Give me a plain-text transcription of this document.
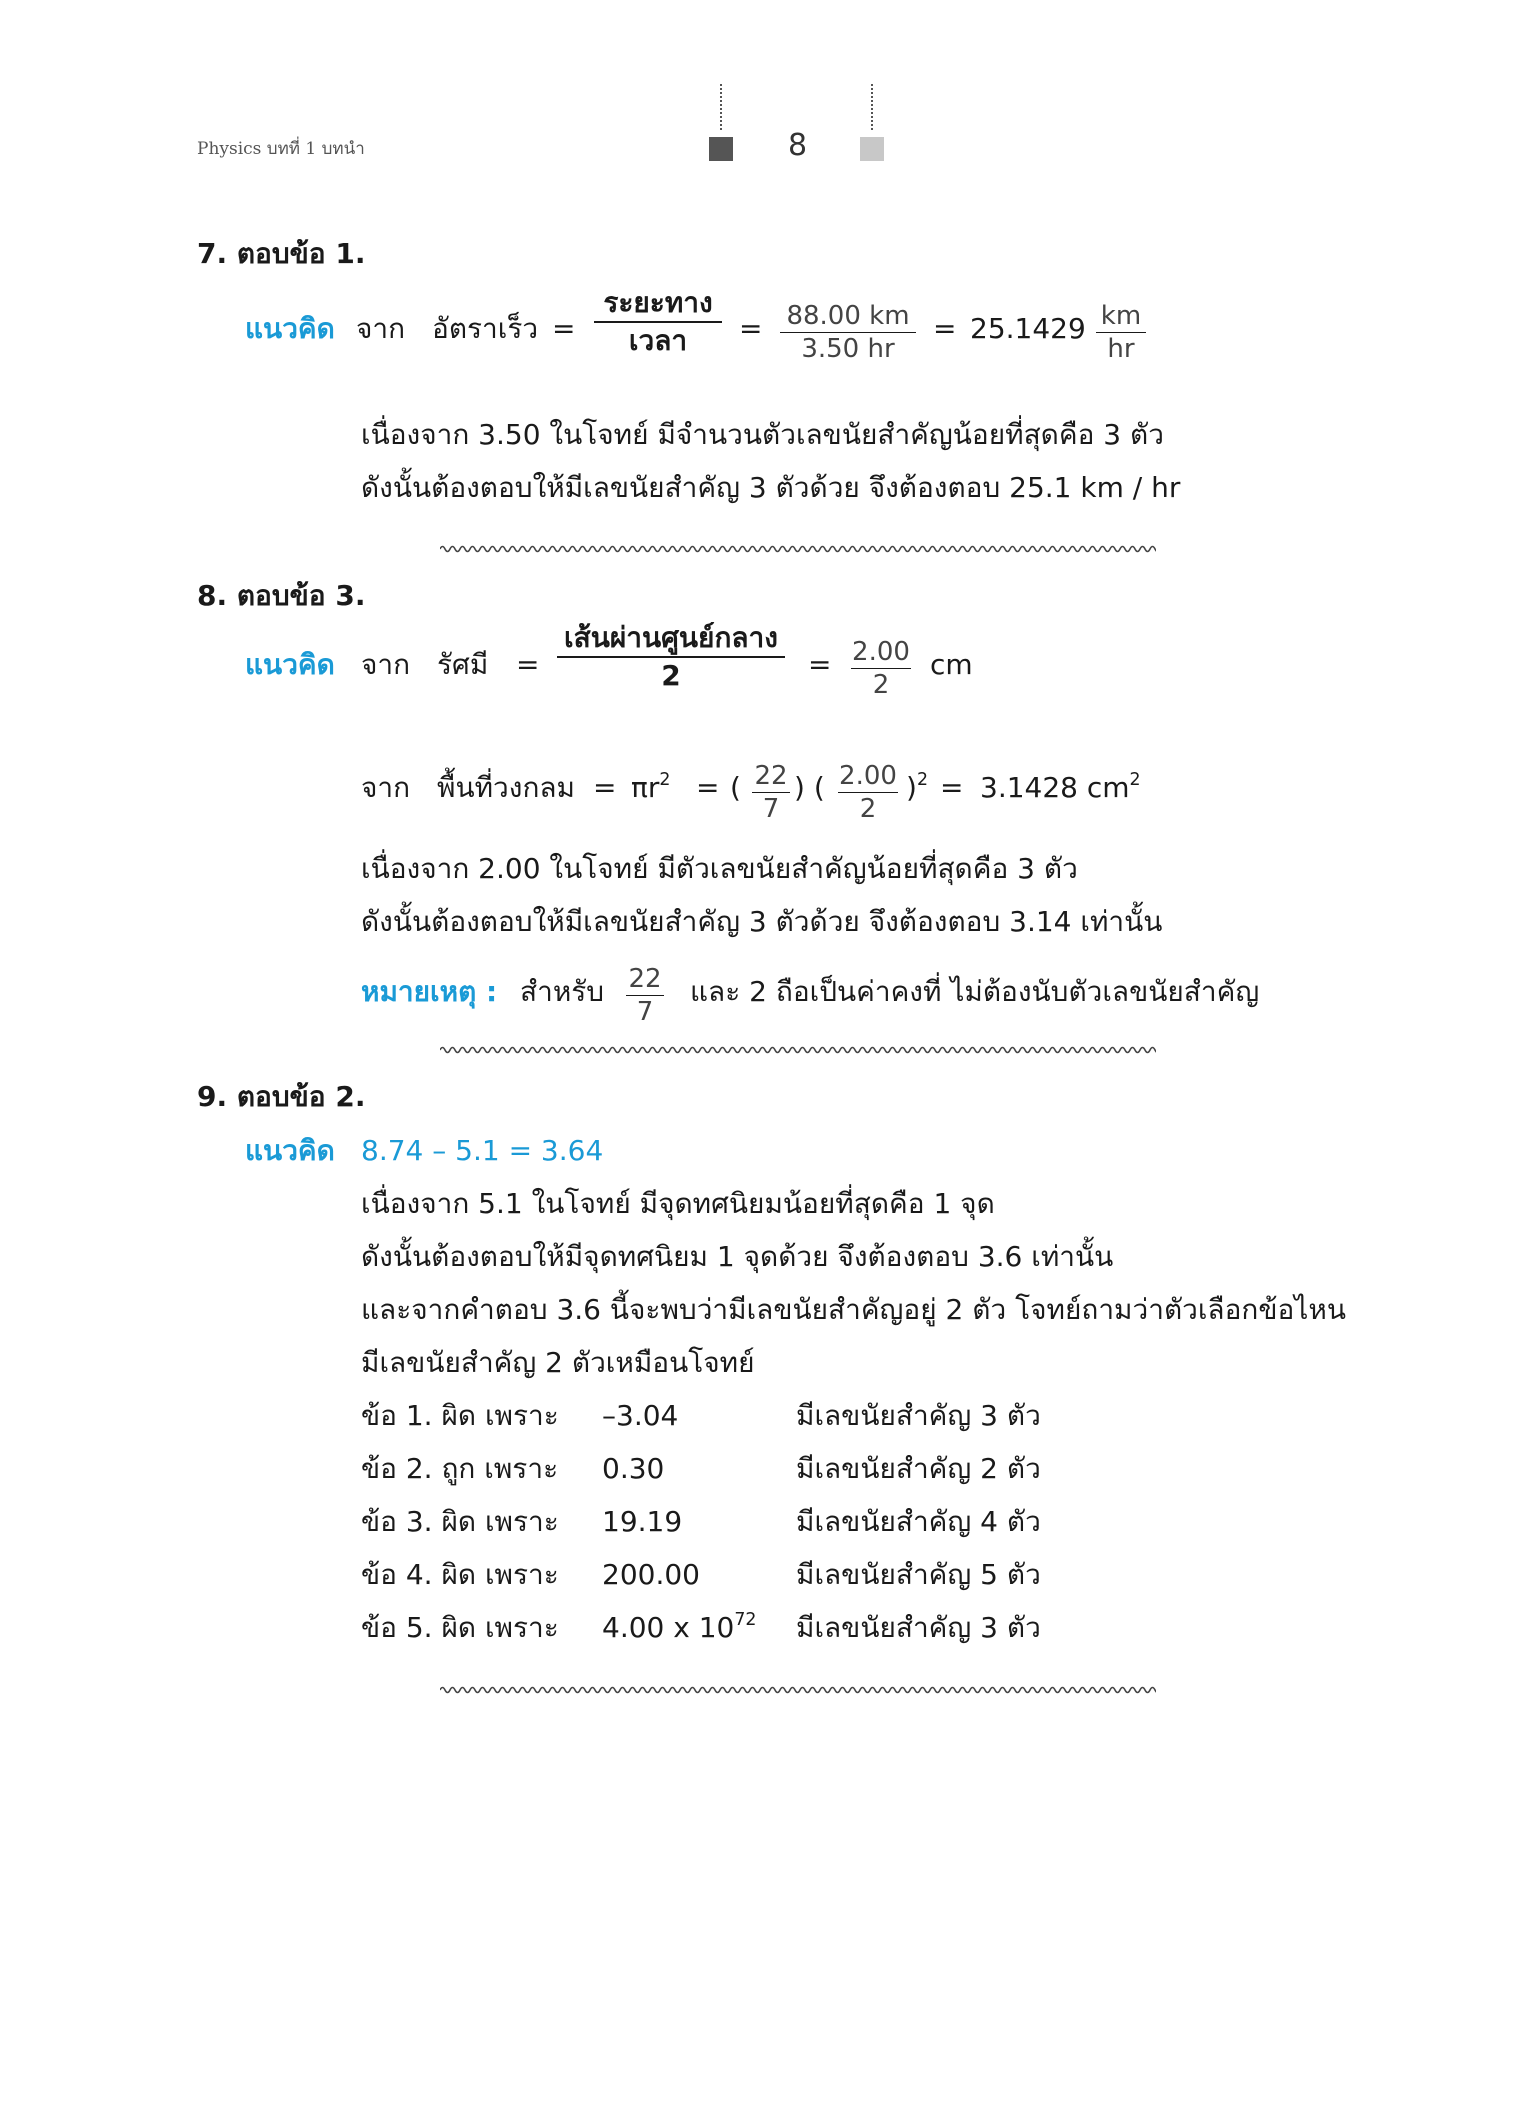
Physics บทที่ 1 บทนำ	8
7. ตอบข้อ 1.
แนวคิด จาก อัตราเร็ว =
ระยะทาง
เวลา = 88.00 km
3.50 hr
= 25.1429 km
hr
เนื่องจาก 3.50 ในโจทย์ มีจำนวนตัวเลขนัยสำคัญน้อยที่สุดคือ 3 ตัว
ดังนั้นต้องตอบให้มีเลขนัยสำคัญ 3 ตัวด้วย จึงต้องตอบ 25.1 km / hr
8. ตอบข้อ 3.
แนวคิด จาก รัศมี =
เส้นผ่านศูนย์กลาง
2	= 2.00
2
cm
จาก พื้นที่วงกลม = $\pi r^2$ = ( 22
7
) ( 2.00
2
)$^2$ = 3.1428 $cm^2$
เนื่องจาก 2.00 ในโจทย์ มีตัวเลขนัยสำคัญน้อยที่สุดคือ 3 ตัว
ดังนั้นต้องตอบให้มีเลขนัยสำคัญ 3 ตัวด้วย จึงต้องตอบ 3.14 เท่านั้น
หมายเหตุ : สำหรับ 22
7
และ 2 ถือเป็นค่าคงที่ ไม่ต้องนับตัวเลขนัยสำคัญ
9. ตอบข้อ 2.
แนวคิด 8.74 – 5.1 = 3.64
เนื่องจาก 5.1 ในโจทย์ มีจุดทศนิยมน้อยที่สุดคือ 1 จุด
ดังนั้นต้องตอบให้มีจุดทศนิยม 1 จุดด้วย จึงต้องตอบ 3.6 เท่านั้น
และจากคำตอบ 3.6 นี้จะพบว่ามีเลขนัยสำคัญอยู่ 2 ตัว โจทย์ถามว่าตัวเลือกข้อไหน
มีเลขนัยสำคัญ 2 ตัวเหมือนโจทย์
ข้อ 1. ผิด เพราะ –3.04	มีเลขนัยสำคัญ 3 ตัว
ข้อ 2. ถูก เพราะ 0.30	มีเลขนัยสำคัญ 2 ตัว
ข้อ 3. ผิด เพราะ 19.19	มีเลขนัยสำคัญ 4 ตัว
ข้อ 4. ผิด เพราะ 200.00	มีเลขนัยสำคัญ 5 ตัว
ข้อ 5. ผิด เพราะ 4.00 x $10^{72}$ มีเลขนัยสำคัญ 3 ตัว
